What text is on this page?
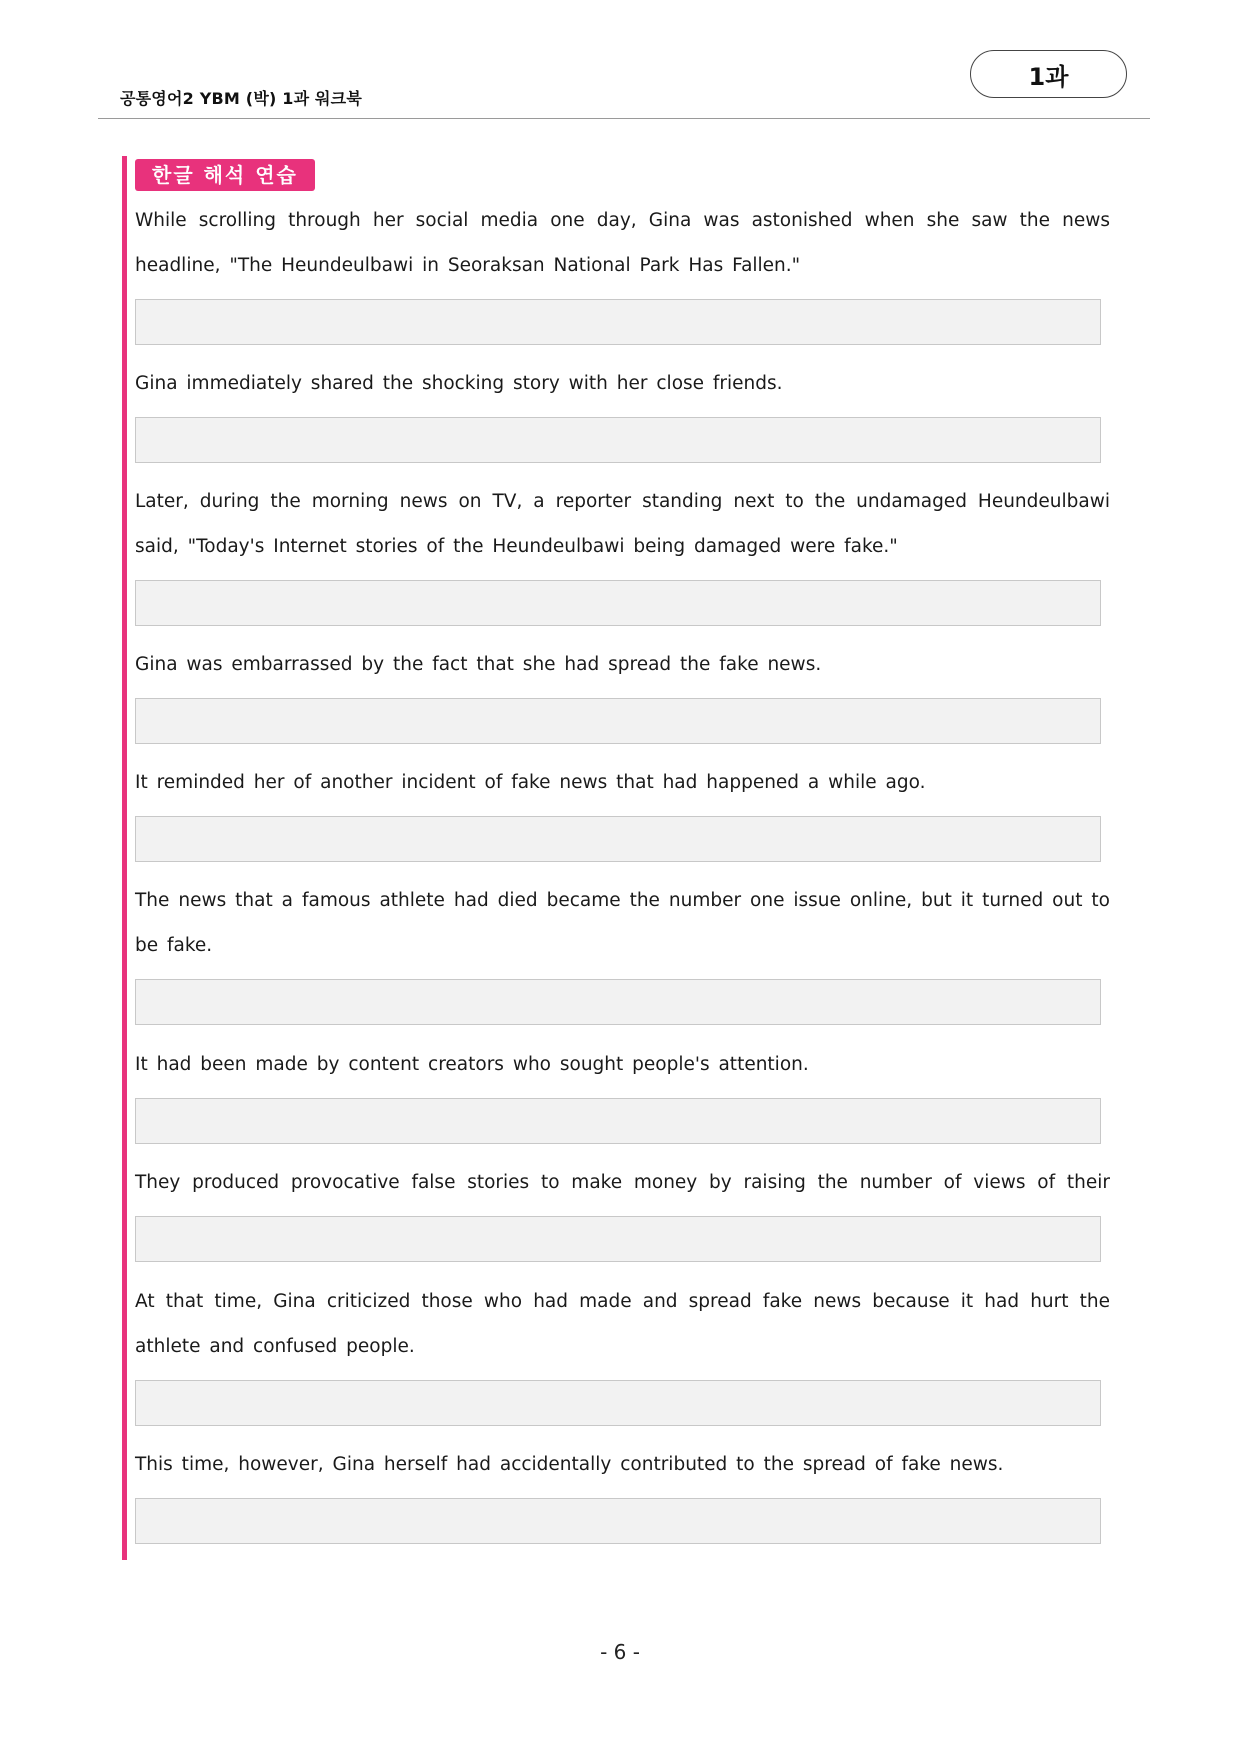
공통영어2 YBM (박) 1과 워크북
1과
한글 해석 연습
While scrolling through her social media one day, Gina was astonished when she saw the news headline, "The Heundeulbawi in Seoraksan National Park Has Fallen."
Gina immediately shared the shocking story with her close friends.
Later, during the morning news on TV, a reporter standing next to the undamaged Heundeulbawi said, "Today's Internet stories of the Heundeulbawi being damaged were fake."
Gina was embarrassed by the fact that she had spread the fake news.
It reminded her of another incident of fake news that had happened a while ago.
The news that a famous athlete had died became the number one issue online, but it turned out to be fake.
It had been made by content creators who sought people's attention.
They produced provocative false stories to make money by raising the number of views of their
At that time, Gina criticized those who had made and spread fake news because it had hurt the athlete and confused people.
This time, however, Gina herself had accidentally contributed to the spread of fake news.
- 6 -
